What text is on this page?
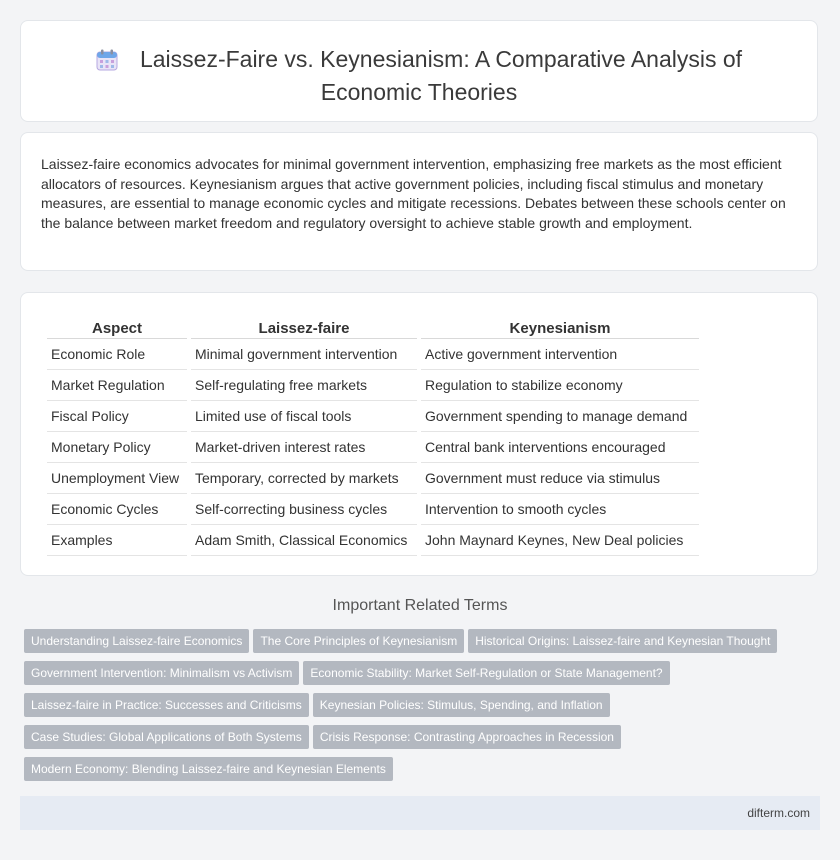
Laissez-Faire vs. Keynesianism: A Comparative Analysis of
Economic Theories
Laissez-faire economics advocates for minimal government intervention, emphasizing free markets as the most efficient allocators of resources. Keynesianism argues that active government policies, including fiscal stimulus and monetary measures, are essential to manage economic cycles and mitigate recessions. Debates between these schools center on the balance between market freedom and regulatory oversight to achieve stable growth and employment.
Aspect	Laissez-faire	Keynesianism
Economic Role	Minimal government intervention	Active government intervention
Market Regulation	Self-regulating free markets	Regulation to stabilize economy
Fiscal Policy	Limited use of fiscal tools	Government spending to manage demand
Monetary Policy	Market-driven interest rates	Central bank interventions encouraged
Unemployment View	Temporary, corrected by markets	Government must reduce via stimulus
Economic Cycles	Self-correcting business cycles	Intervention to smooth cycles
Examples	Adam Smith, Classical Economics	John Maynard Keynes, New Deal policies
Important Related Terms
Understanding Laissez-faire Economics The Core Principles of Keynesianism Historical Origins: Laissez-faire and Keynesian Thought
Government Intervention: Minimalism vs Activism Economic Stability: Market Self-Regulation or State Management?
Laissez-faire in Practice: Successes and Criticisms Keynesian Policies: Stimulus, Spending, and Inflation
Case Studies: Global Applications of Both Systems Crisis Response: Contrasting Approaches in Recession
Modern Economy: Blending Laissez-faire and Keynesian Elements
difterm.com
